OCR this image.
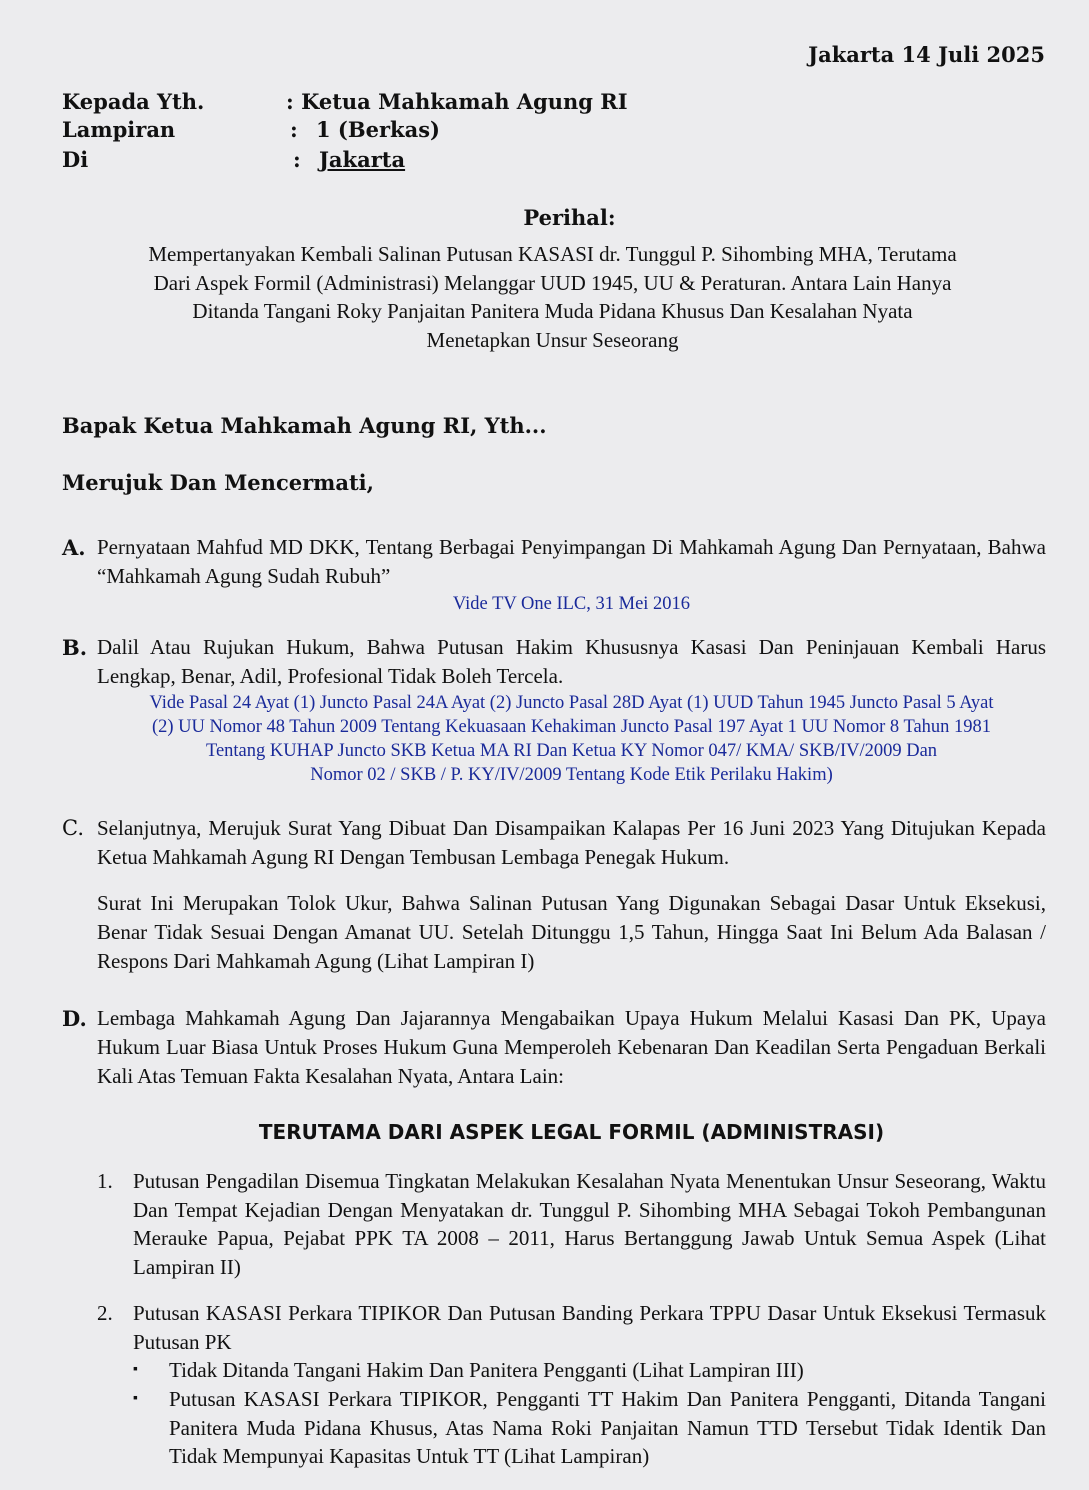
Jakarta 14 Juli 2025
Kepada Yth.	: Ketua Mahkamah Agung RI
Lampiran	: 1 (Berkas)
Di	: Jakarta
Perihal:
Mempertanyakan Kembali Salinan Putusan KASASI dr. Tunggul P. Sihombing MHA, Terutama
Dari Aspek Formil (Administrasi) Melanggar UUD 1945, UU & Peraturan. Antara Lain Hanya
Ditanda Tangani Roky Panjaitan Panitera Muda Pidana Khusus Dan Kesalahan Nyata
Menetapkan Unsur Seseorang
Bapak Ketua Mahkamah Agung RI, Yth...
Merujuk Dan Mencermati,
A. Pernyataan Mahfud MD DKK, Tentang Berbagai Penyimpangan Di Mahkamah Agung Dan Pernyataan, Bahwa “Mahkamah Agung Sudah Rubuh”
Vide TV One ILC, 31 Mei 2016
B. Dalil Atau Rujukan Hukum, Bahwa Putusan Hakim Khususnya Kasasi Dan Peninjauan Kembali Harus Lengkap, Benar, Adil, Profesional Tidak Boleh Tercela.
Vide Pasal 24 Ayat (1) Juncto Pasal 24A Ayat (2) Juncto Pasal 28D Ayat (1) UUD Tahun 1945 Juncto Pasal 5 Ayat
(2) UU Nomor 48 Tahun 2009 Tentang Kekuasaan Kehakiman Juncto Pasal 197 Ayat 1 UU Nomor 8 Tahun 1981
Tentang KUHAP Juncto SKB Ketua MA RI Dan Ketua KY Nomor 047/ KMA/ SKB/IV/2009 Dan
Nomor 02 / SKB / P. KY/IV/2009 Tentang Kode Etik Perilaku Hakim)
C. Selanjutnya, Merujuk Surat Yang Dibuat Dan Disampaikan Kalapas Per 16 Juni 2023 Yang Ditujukan Kepada Ketua Mahkamah Agung RI Dengan Tembusan Lembaga Penegak Hukum.
Surat Ini Merupakan Tolok Ukur, Bahwa Salinan Putusan Yang Digunakan Sebagai Dasar Untuk Eksekusi, Benar Tidak Sesuai Dengan Amanat UU. Setelah Ditunggu 1,5 Tahun, Hingga Saat Ini Belum Ada Balasan / Respons Dari Mahkamah Agung (Lihat Lampiran I)
D. Lembaga Mahkamah Agung Dan Jajarannya Mengabaikan Upaya Hukum Melalui Kasasi Dan PK, Upaya Hukum Luar Biasa Untuk Proses Hukum Guna Memperoleh Kebenaran Dan Keadilan Serta Pengaduan Berkali Kali Atas Temuan Fakta Kesalahan Nyata, Antara Lain:
TERUTAMA DARI ASPEK LEGAL FORMIL (ADMINISTRASI)
1. Putusan Pengadilan Disemua Tingkatan Melakukan Kesalahan Nyata Menentukan Unsur Seseorang, Waktu Dan Tempat Kejadian Dengan Menyatakan dr. Tunggul P. Sihombing MHA Sebagai Tokoh Pembangunan Merauke Papua, Pejabat PPK TA 2008 – 2011, Harus Bertanggung Jawab Untuk Semua Aspek (Lihat Lampiran II)
2. Putusan KASASI Perkara TIPIKOR Dan Putusan Banding Perkara TPPU Dasar Untuk Eksekusi Termasuk Putusan PK
▪ Tidak Ditanda Tangani Hakim Dan Panitera Pengganti (Lihat Lampiran III)
▪ Putusan KASASI Perkara TIPIKOR, Pengganti TT Hakim Dan Panitera Pengganti, Ditanda Tangani Panitera Muda Pidana Khusus, Atas Nama Roki Panjaitan Namun TTD Tersebut Tidak Identik Dan Tidak Mempunyai Kapasitas Untuk TT (Lihat Lampiran)
